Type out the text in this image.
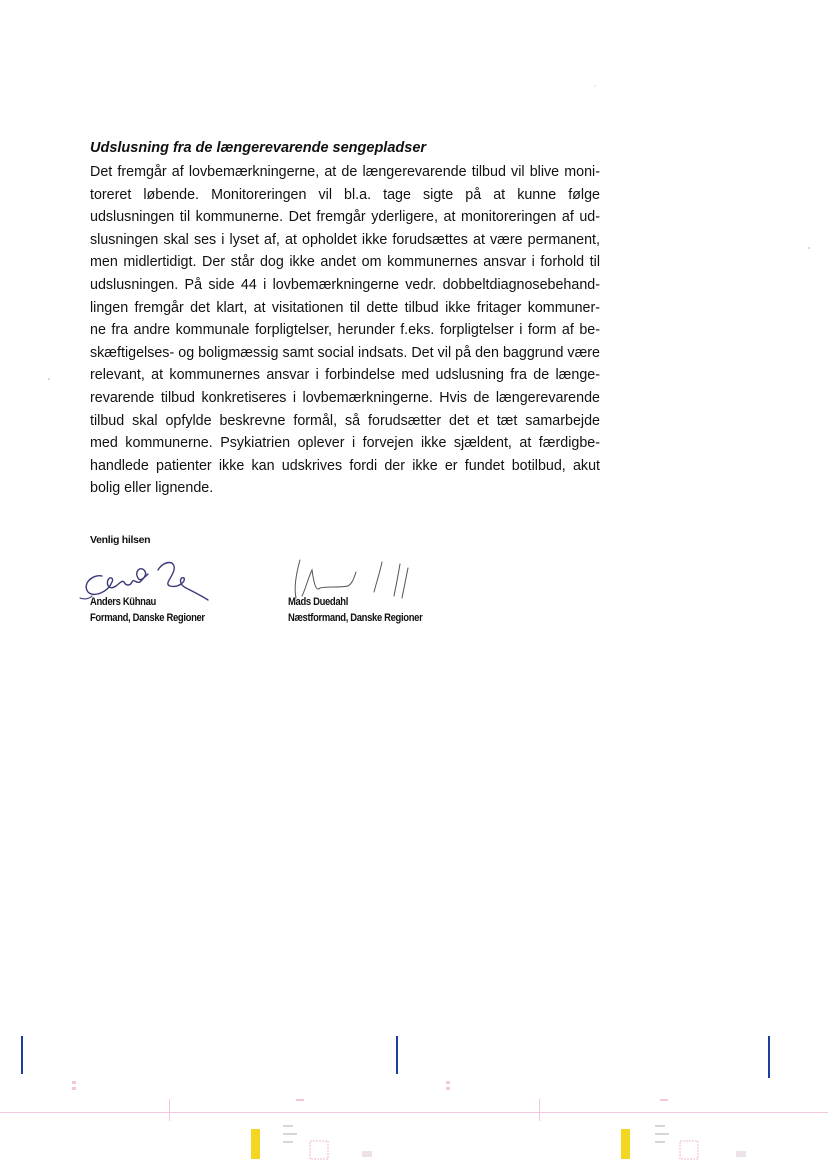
Udslusning fra de længerevarende sengepladser
Det fremgår af lovbemærkningerne, at de længerevarende tilbud vil blive moni-
toreret løbende. Monitoreringen vil bl.a. tage sigte på at kunne følge
udslusningen til kommunerne. Det fremgår yderligere, at monitoreringen af ud-
slusningen skal ses i lyset af, at opholdet ikke forudsættes at være permanent,
men midlertidigt. Der står dog ikke andet om kommunernes ansvar i forhold til
udslusningen. På side 44 i lovbemærkningerne vedr. dobbeltdiagnosebehand-
lingen fremgår det klart, at visitationen til dette tilbud ikke fritager kommuner-
ne fra andre kommunale forpligtelser, herunder f.eks. forpligtelser i form af be-
skæftigelses- og boligmæssig samt social indsats. Det vil på den baggrund være
relevant, at kommunernes ansvar i forbindelse med udslusning fra de længe-
revarende tilbud konkretiseres i lovbemærkningerne. Hvis de længerevarende
tilbud skal opfylde beskrevne formål, så forudsætter det et tæt samarbejde
med kommunerne. Psykiatrien oplever i forvejen ikke sjældent, at færdigbe-
handlede patienter ikke kan udskrives fordi der ikke er fundet botilbud, akut
bolig eller lignende.
Venlig hilsen
Anders Kühnau
Formand, Danske Regioner
Mads Duedahl
Næstformand, Danske Regioner
